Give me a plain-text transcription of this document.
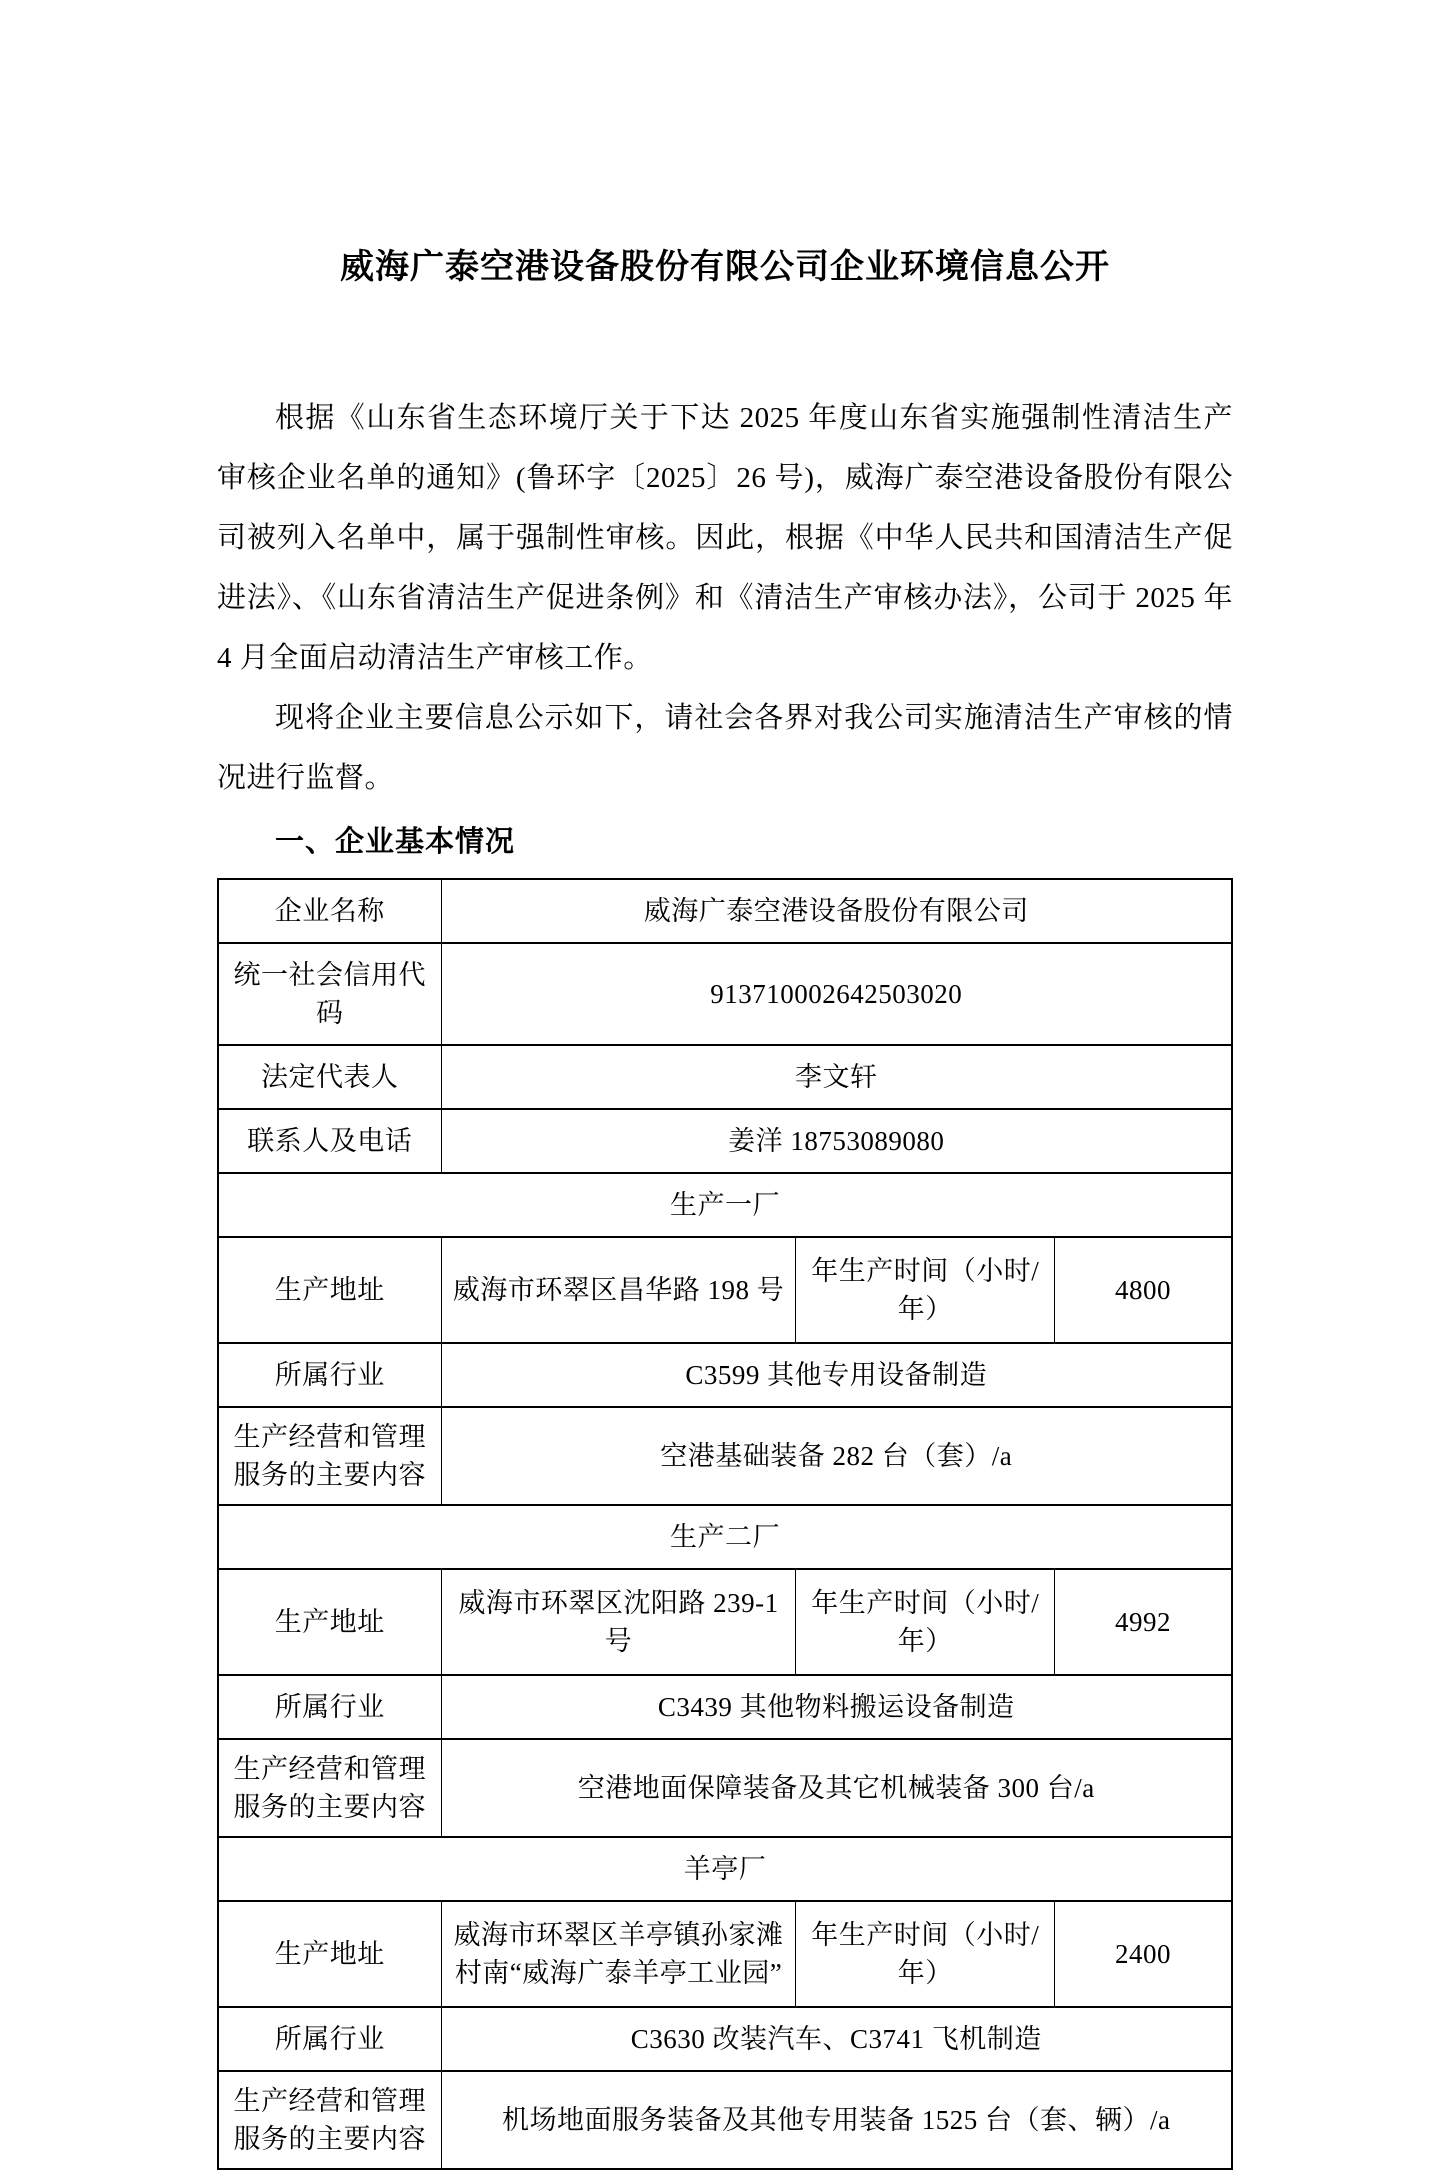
威海广泰空港设备股份有限公司企业环境信息公开

根据《山东省生态环境厅关于下达 2025 年度山东省实施强制性清洁生产审核企业名单的通知》(鲁环字〔2025〕26 号)，威海广泰空港设备股份有限公司被列入名单中，属于强制性审核。因此，根据《中华人民共和国清洁生产促进法》、《山东省清洁生产促进条例》和《清洁生产审核办法》，公司于 2025 年 4 月全面启动清洁生产审核工作。

现将企业主要信息公示如下，请社会各界对我公司实施清洁生产审核的情况进行监督。

一、企业基本情况
企业名称	威海广泰空港设备股份有限公司		
统一社会信用代码	913710002642503020		
法定代表人	李文轩		
联系人及电话	姜洋 18753089080		
生产一厂			
生产地址	威海市环翠区昌华路 198 号	年生产时间（小时/年）	4800
所属行业	C3599 其他专用设备制造		
生产经营和管理服务的主要内容	空港基础装备 282 台（套）/a		
生产二厂			
生产地址	威海市环翠区沈阳路 239-1 号	年生产时间（小时/年）	4992
所属行业	C3439 其他物料搬运设备制造		
生产经营和管理服务的主要内容	空港地面保障装备及其它机械装备 300 台/a		
羊亭厂			
生产地址	威海市环翠区羊亭镇孙家滩村南“威海广泰羊亭工业园”	年生产时间（小时/年）	2400
所属行业	C3630 改装汽车、C3741 飞机制造		
生产经营和管理服务的主要内容	机场地面服务装备及其他专用装备 1525 台（套、辆）/a		
